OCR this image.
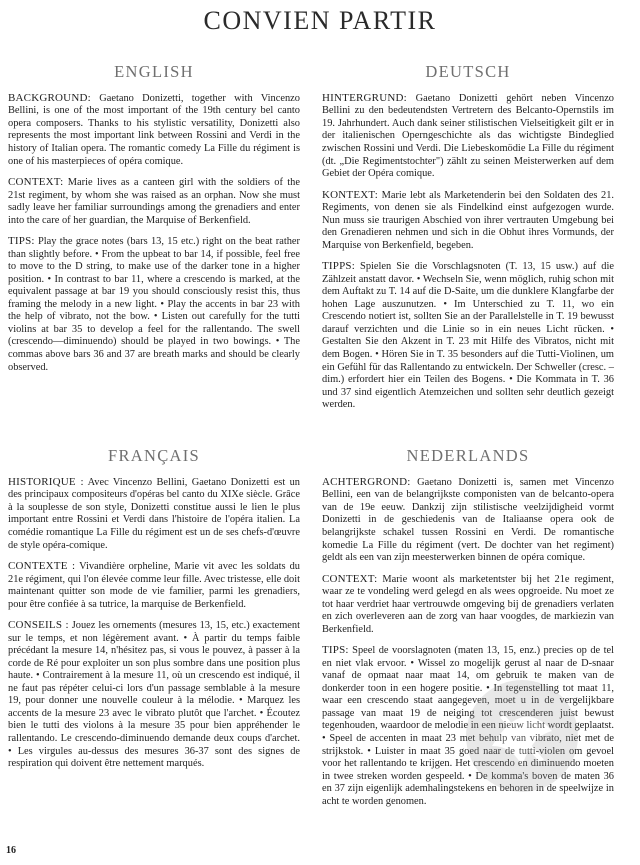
CONVIEN PARTIR
ENGLISH

BACKGROUND: Gaetano Donizetti, together with Vincenzo Bellini, is one of the most important of the 19th century bel canto opera composers. Thanks to his stylistic versatility, Donizetti also represents the most important link between Rossini and Verdi in the history of Italian opera. The romantic comedy La Fille du régiment is one of his masterpieces of opéra comique.

CONTEXT: Marie lives as a canteen girl with the soldiers of the 21st regiment, by whom she was raised as an orphan. Now she must sadly leave her familiar surroundings among the grenadiers and enter into the care of her guardian, the Marquise of Berkenfield.

TIPS: Play the grace notes (bars 13, 15 etc.) right on the beat rather than slightly before. • From the upbeat to bar 14, if possible, feel free to move to the D string, to make use of the darker tone in a higher position. • In contrast to bar 11, where a crescendo is marked, at the equivalent passage at bar 19 you should consciously resist this, thus framing the melody in a new light. • Play the accents in bar 23 with the help of vibrato, not the bow. • Listen out carefully for the tutti violins at bar 35 to develop a feel for the rallentando. The swell (crescendo—diminuendo) should be played in two bowings. • The commas above bars 36 and 37 are breath marks and should be clearly observed.

DEUTSCH

HINTERGRUND: Gaetano Donizetti gehört neben Vincenzo Bellini zu den bedeutendsten Vertretern des Belcanto-Opernstils im 19. Jahrhundert. Auch dank seiner stilistischen Vielseitigkeit gilt er in der italienischen Operngeschichte als das wichtigste Bindeglied zwischen Rossini und Verdi. Die Liebeskomödie La Fille du régiment (dt. „Die Regimentstochter") zählt zu seinen Meisterwerken auf dem Gebiet der Opéra comique.

KONTEXT: Marie lebt als Marketenderin bei den Soldaten des 21. Regiments, von denen sie als Findelkind einst aufgezogen wurde. Nun muss sie traurigen Abschied von ihrer vertrauten Umgebung bei den Grenadieren nehmen und sich in die Obhut ihres Vormunds, der Marquise von Berkenfield, begeben.

TIPPS: Spielen Sie die Vorschlagsnoten (T. 13, 15 usw.) auf die Zählzeit anstatt davor. • Wechseln Sie, wenn möglich, ruhig schon mit dem Auftakt zu T. 14 auf die D-Saite, um die dunklere Klangfarbe der hohen Lage auszunutzen. • Im Unterschied zu T. 11, wo ein Crescendo notiert ist, sollten Sie an der Parallelstelle in T. 19 bewusst darauf verzichten und die Linie so in ein neues Licht rücken. • Gestalten Sie den Akzent in T. 23 mit Hilfe des Vibratos, nicht mit dem Bogen. • Hören Sie in T. 35 besonders auf die Tutti-Violinen, um ein Gefühl für das Rallentando zu entwickeln. Der Schweller (cresc. – dim.) erfordert hier ein Teilen des Bogens. • Die Kommata in T. 36 und 37 sind eigentlich Atemzeichen und sollten sehr deutlich gezeigt werden.

FRANÇAIS

HISTORIQUE : Avec Vincenzo Bellini, Gaetano Donizetti est un des principaux compositeurs d'opéras bel canto du XIXe siècle. Grâce à la souplesse de son style, Donizetti constitue aussi le lien le plus important entre Rossini et Verdi dans l'histoire de l'opéra italien. La comédie romantique La Fille du régiment est un de ses chefs-d'œuvre de style opéra-comique.

CONTEXTE : Vivandière orpheline, Marie vit avec les soldats du 21e régiment, qui l'on élevée comme leur fille. Avec tristesse, elle doit maintenant quitter son mode de vie familier, parmi les grenadiers, pour être confiée à sa tutrice, la marquise de Berkenfield.

CONSEILS : Jouez les ornements (mesures 13, 15, etc.) exactement sur le temps, et non légèrement avant. • À partir du temps faible précédant la mesure 14, n'hésitez pas, si vous le pouvez, à passer à la corde de Ré pour exploiter un son plus sombre dans une position plus haute. • Contrairement à la mesure 11, où un crescendo est indiqué, il ne faut pas répéter celui-ci lors d'un passage semblable à la mesure 19, pour donner une nouvelle couleur à la mélodie. • Marquez les accents de la mesure 23 avec le vibrato plutôt que l'archet. • Écoutez bien le tutti des violons à la mesure 35 pour bien appréhender le rallentando. Le crescendo-diminuendo demande deux coups d'archet. • Les virgules au-dessus des mesures 36-37 sont des signes de respiration qui doivent être nettement marqués.

NEDERLANDS

ACHTERGROND: Gaetano Donizetti is, samen met Vincenzo Bellini, een van de belangrijkste componisten van de belcanto-opera van de 19e eeuw. Dankzij zijn stilistische veelzijdigheid vormt Donizetti in de geschiedenis van de Italiaanse opera ook de belangrijkste schakel tussen Rossini en Verdi. De romantische komedie La Fille du régiment (vert. De dochter van het regiment) geldt als een van zijn meesterwerken binnen de opéra comique.

CONTEXT: Marie woont als marketentster bij het 21e regiment, waar ze te vondeling werd gelegd en als wees opgroeide. Nu moet ze tot haar verdriet haar vertrouwde omgeving bij de grenadiers verlaten en zich overleveren aan de zorg van haar voogdes, de markiezin van Berkenfield.

TIPS: Speel de voorslagnoten (maten 13, 15, enz.) precies op de tel en niet vlak ervoor. • Wissel zo mogelijk gerust al naar de D-snaar vanaf de opmaat naar maat 14, om gebruik te maken van de donkerder toon in een hogere positie. • In tegenstelling tot maat 11, waar een crescendo staat aangegeven, moet u in de vergelijkbare passage van maat 19 de neiging tot crescenderen juist bewust tegenhouden, waardoor de melodie in een nieuw licht wordt geplaatst. • Speel de accenten in maat 23 met behulp van vibrato, niet met de strijkstok. • Luister in maat 35 goed naar de tutti-violen om gevoel voor het rallentando te krijgen. Het crescendo en diminuendo moeten in twee streken worden gespeeld. • De komma's boven de maten 36 en 37 zijn eigenlijk ademhalingstekens en behoren in de speelwijze in acht te worden genomen.

16
